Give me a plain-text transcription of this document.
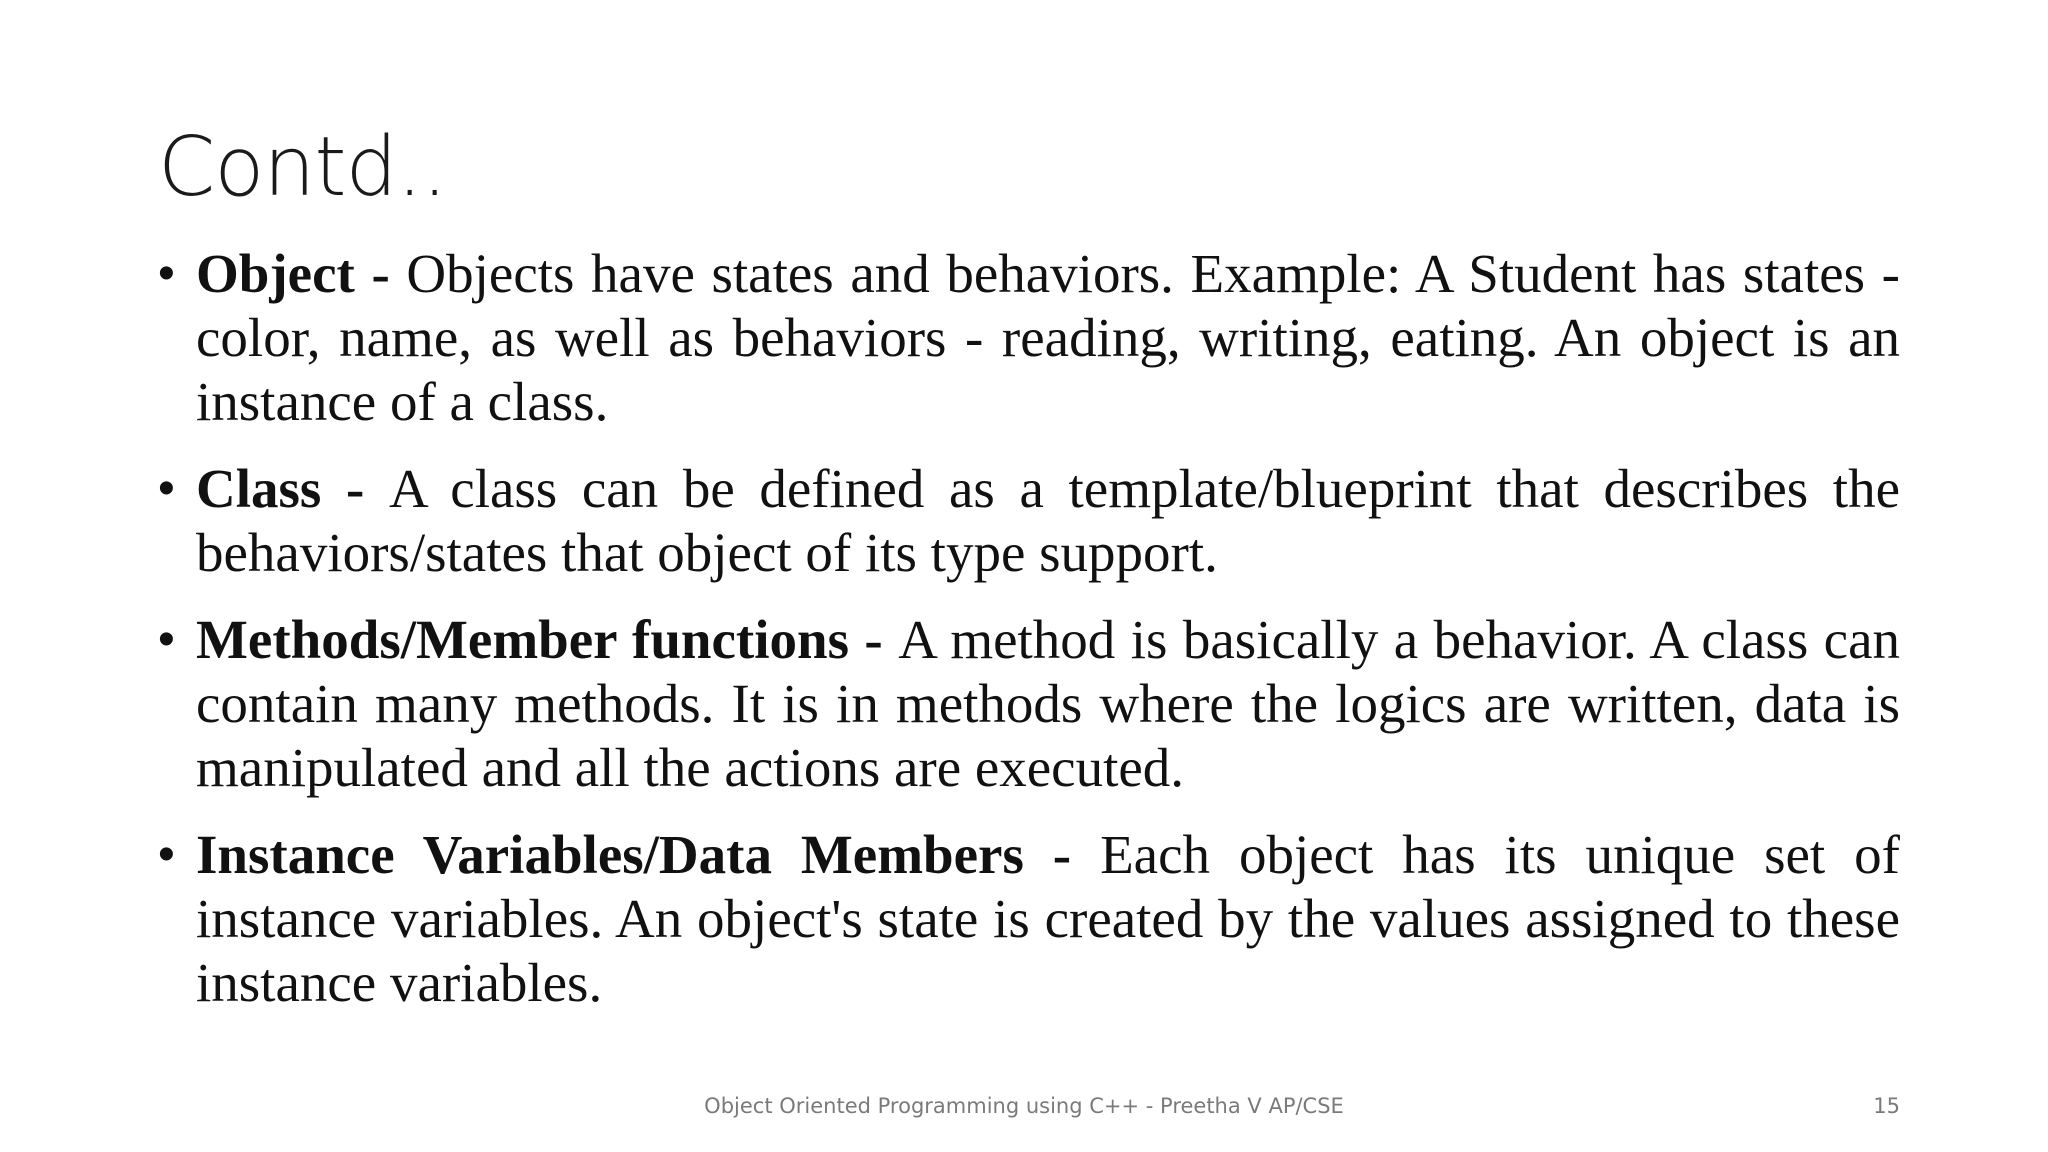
Contd..
• Object - Objects have states and behaviors. Example: A Student has states - color, name, as well as behaviors - reading, writing, eating. An object is an instance of a class.
• Class - A class can be defined as a template/blueprint that describes the behaviors/states that object of its type support.
• Methods/Member functions - A method is basically a behavior. A class can contain many methods. It is in methods where the logics are written, data is manipulated and all the actions are executed.
• Instance Variables/Data Members - Each object has its unique set of instance variables. An object's state is created by the values assigned to these instance variables.
Object Oriented Programming using C++ - Preetha V AP/CSE	15
